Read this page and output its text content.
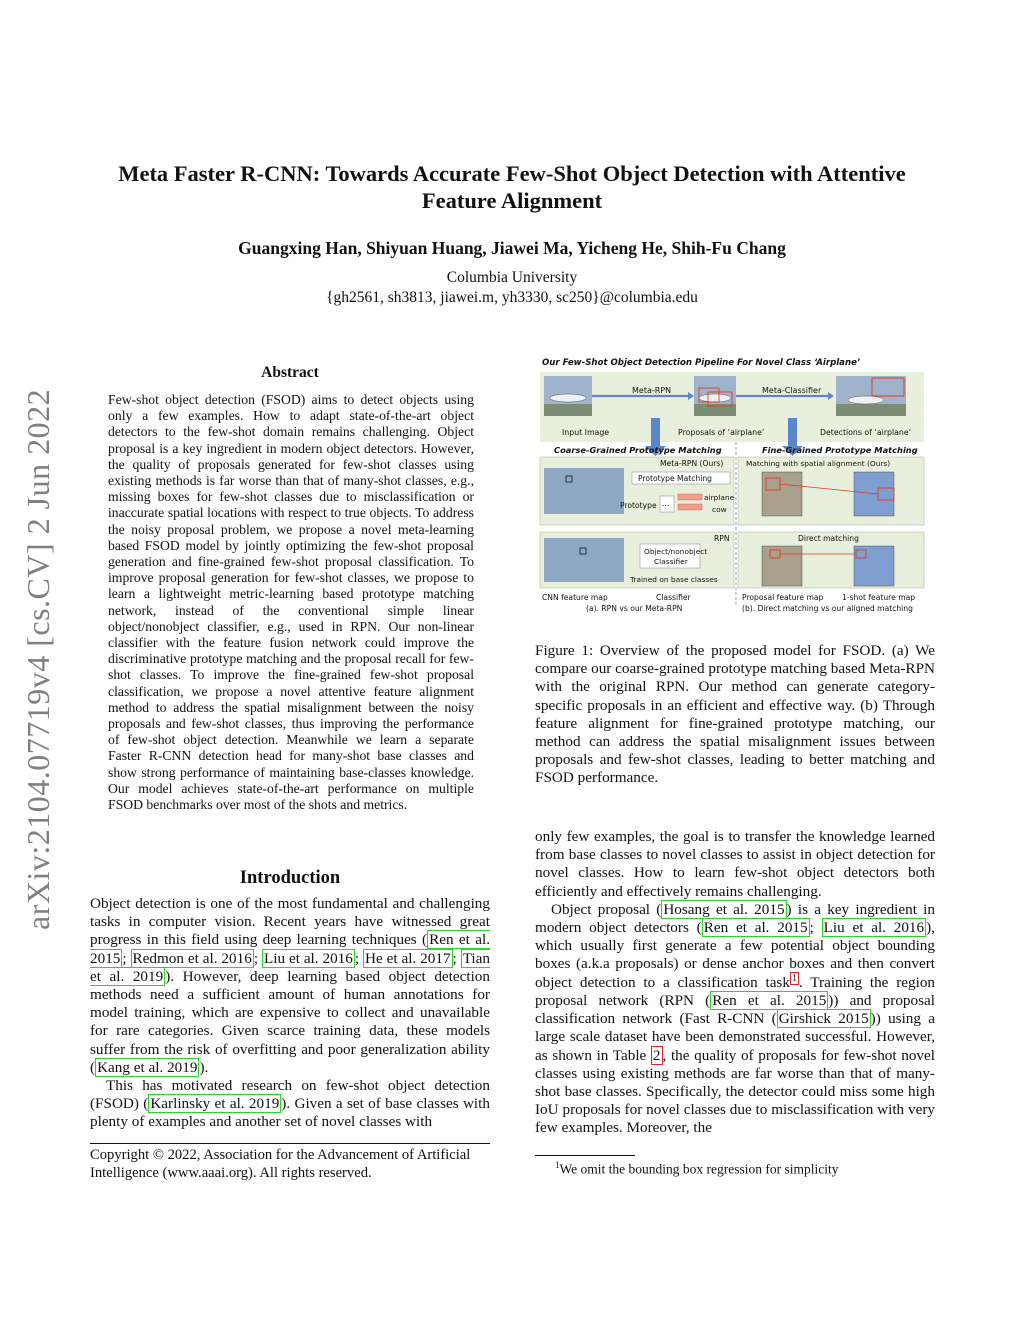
Meta Faster R-CNN: Towards Accurate Few-Shot Object Detection with Attentive
Feature Alignment
Guangxing Han, Shiyuan Huang, Jiawei Ma, Yicheng He, Shih-Fu Chang
Columbia University
{gh2561, sh3813, jiawei.m, yh3330, sc250}@columbia.edu
arXiv:2104.07719v4 [cs.CV] 2 Jun 2022
Abstract
Few-shot object detection (FSOD) aims to detect objects using only a few examples. How to adapt state-of-the-art object detectors to the few-shot domain remains challenging. Object proposal is a key ingredient in modern object detectors. However, the quality of proposals generated for few-shot classes using existing methods is far worse than that of many-shot classes, e.g., missing boxes for few-shot classes due to misclassification or inaccurate spatial locations with respect to true objects. To address the noisy proposal problem, we propose a novel meta-learning based FSOD model by jointly optimizing the few-shot proposal generation and fine-grained few-shot proposal classification. To improve proposal generation for few-shot classes, we propose to learn a lightweight metric-learning based prototype matching network, instead of the conventional simple linear object/nonobject classifier, e.g., used in RPN. Our non-linear classifier with the feature fusion network could improve the discriminative prototype matching and the proposal recall for few-shot classes. To improve the fine-grained few-shot proposal classification, we propose a novel attentive feature alignment method to address the spatial misalignment between the noisy proposals and few-shot classes, thus improving the performance of few-shot object detection. Meanwhile we learn a separate Faster R-CNN detection head for many-shot base classes and show strong performance of maintaining base-classes knowledge. Our model achieves state-of-the-art performance on multiple FSOD benchmarks over most of the shots and metrics.
Introduction

Object detection is one of the most fundamental and challenging tasks in computer vision. Recent years have witnessed great progress in this field using deep learning techniques ( Ren et al. 2015 ; Redmon et al. 2016 ; Liu et al. 2016 ; He et al. 2017 ; Tian et al. 2019 ). However, deep learning based object detection methods need a sufficient amount of human annotations for model training, which are expensive to collect and unavailable for rare categories. Given scarce training data, these models suffer from the risk of overfitting and poor generalization ability ( Kang et al. 2019 ).

This has motivated research on few-shot object detection (FSOD) ( Karlinsky et al. 2019 ). Given a set of base classes with plenty of examples and another set of novel classes with

Copyright © 2022, Association for the Advancement of Artificial Intelligence (www.aaai.org). All rights reserved.
Our Few-Shot Object Detection Pipeline For Novel Class ‘Airplane’
Meta-RPN	Meta-Classifier
Input Image	Proposals of ‘airplane’	Detections of ‘airplane’
Coarse-Grained Prototype Matching	Fine-Grained Prototype Matching
Meta-RPN (Ours)
Prototype Matching
Prototype ...
airplane
cow
Matching with spatial alignment (Ours)
RPN
Object/nonobject
Classifier
Trained on base classes
Direct matching
CNN feature map	Classifier	Proposal feature map 1-shot feature map
(a). RPN vs our Meta-RPN	(b). Direct matching vs our aligned matching
Figure 1: Overview of the proposed model for FSOD. (a) We compare our coarse-grained prototype matching based Meta-RPN with the original RPN. Our method can generate category-specific proposals in an efficient and effective way. (b) Through feature alignment for fine-grained prototype matching, our method can address the spatial misalignment issues between proposals and few-shot classes, leading to better matching and FSOD performance.

only few examples, the goal is to transfer the knowledge learned from base classes to novel classes to assist in object detection for novel classes. How to learn few-shot object detectors both efficiently and effectively remains challenging.

Object proposal ( Hosang et al. 2015 ) is a key ingredient in modern object detectors ( Ren et al. 2015 ; Liu et al. 2016 ), which usually first generate a few potential object bounding boxes (a.k.a proposals) or dense anchor boxes and then convert object detection to a classification task $^1$ . Training the region proposal network (RPN ( Ren et al. 2015 )) and proposal classification network (Fast R-CNN ( Girshick 2015 )) using a large scale dataset have been demonstrated successful. However, as shown in Table 2 , the quality of proposals for few-shot novel classes using existing methods are far worse than that of many-shot base classes. Specifically, the detector could miss some high IoU proposals for novel classes due to misclassification with very few examples. Moreover, the

$^1$We omit the bounding box regression for simplicity
